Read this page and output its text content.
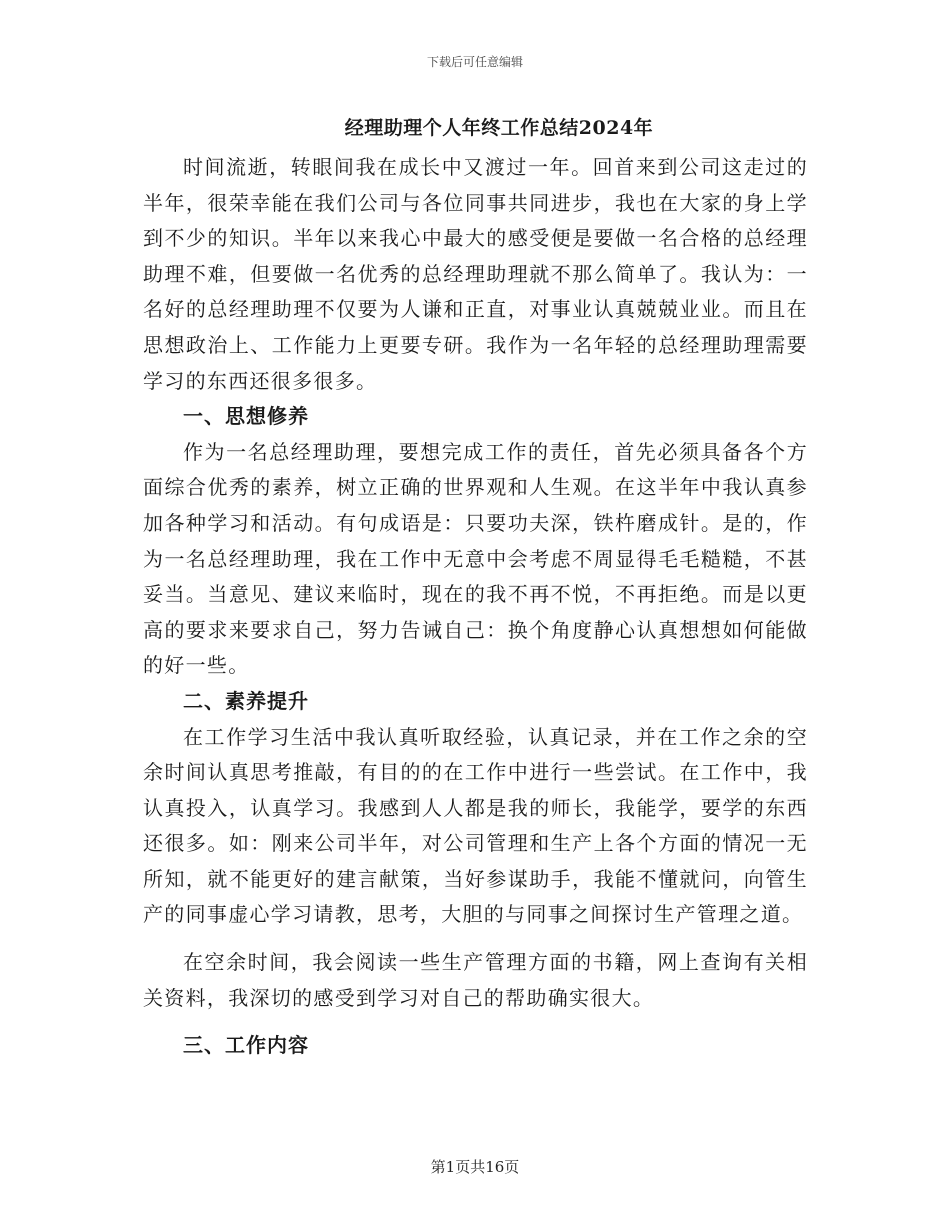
下载后可任意编辑
经理助理个人年终工作总结2024年

时间流逝，转眼间我在成长中又渡过一年。回首来到公司这走过的半年，很荣幸能在我们公司与各位同事共同进步，我也在大家的身上学到不少的知识。半年以来我心中最大的感受便是要做一名合格的总经理助理不难，但要做一名优秀的总经理助理就不那么简单了。我认为：一名好的总经理助理不仅要为人谦和正直，对事业认真兢兢业业。而且在思想政治上、工作能力上更要专研。我作为一名年轻的总经理助理需要学习的东西还很多很多。

一、思想修养

作为一名总经理助理，要想完成工作的责任，首先必须具备各个方面综合优秀的素养，树立正确的世界观和人生观。在这半年中我认真参加各种学习和活动。有句成语是：只要功夫深，铁杵磨成针。是的，作为一名总经理助理，我在工作中无意中会考虑不周显得毛毛糙糙，不甚妥当。当意见、建议来临时，现在的我不再不悦，不再拒绝。而是以更高的要求来要求自己，努力告诫自己：换个角度静心认真想想如何能做的好一些。

二、素养提升

在工作学习生活中我认真听取经验，认真记录，并在工作之余的空余时间认真思考推敲，有目的的在工作中进行一些尝试。在工作中，我认真投入，认真学习。我感到人人都是我的师长，我能学，要学的东西还很多。如：刚来公司半年，对公司管理和生产上各个方面的情况一无所知，就不能更好的建言献策，当好参谋助手，我能不懂就问，向管生产的同事虚心学习请教，思考，大胆的与同事之间探讨生产管理之道。

在空余时间，我会阅读一些生产管理方面的书籍，网上查询有关相关资料，我深切的感受到学习对自己的帮助确实很大。

三、工作内容

第1页共16页
